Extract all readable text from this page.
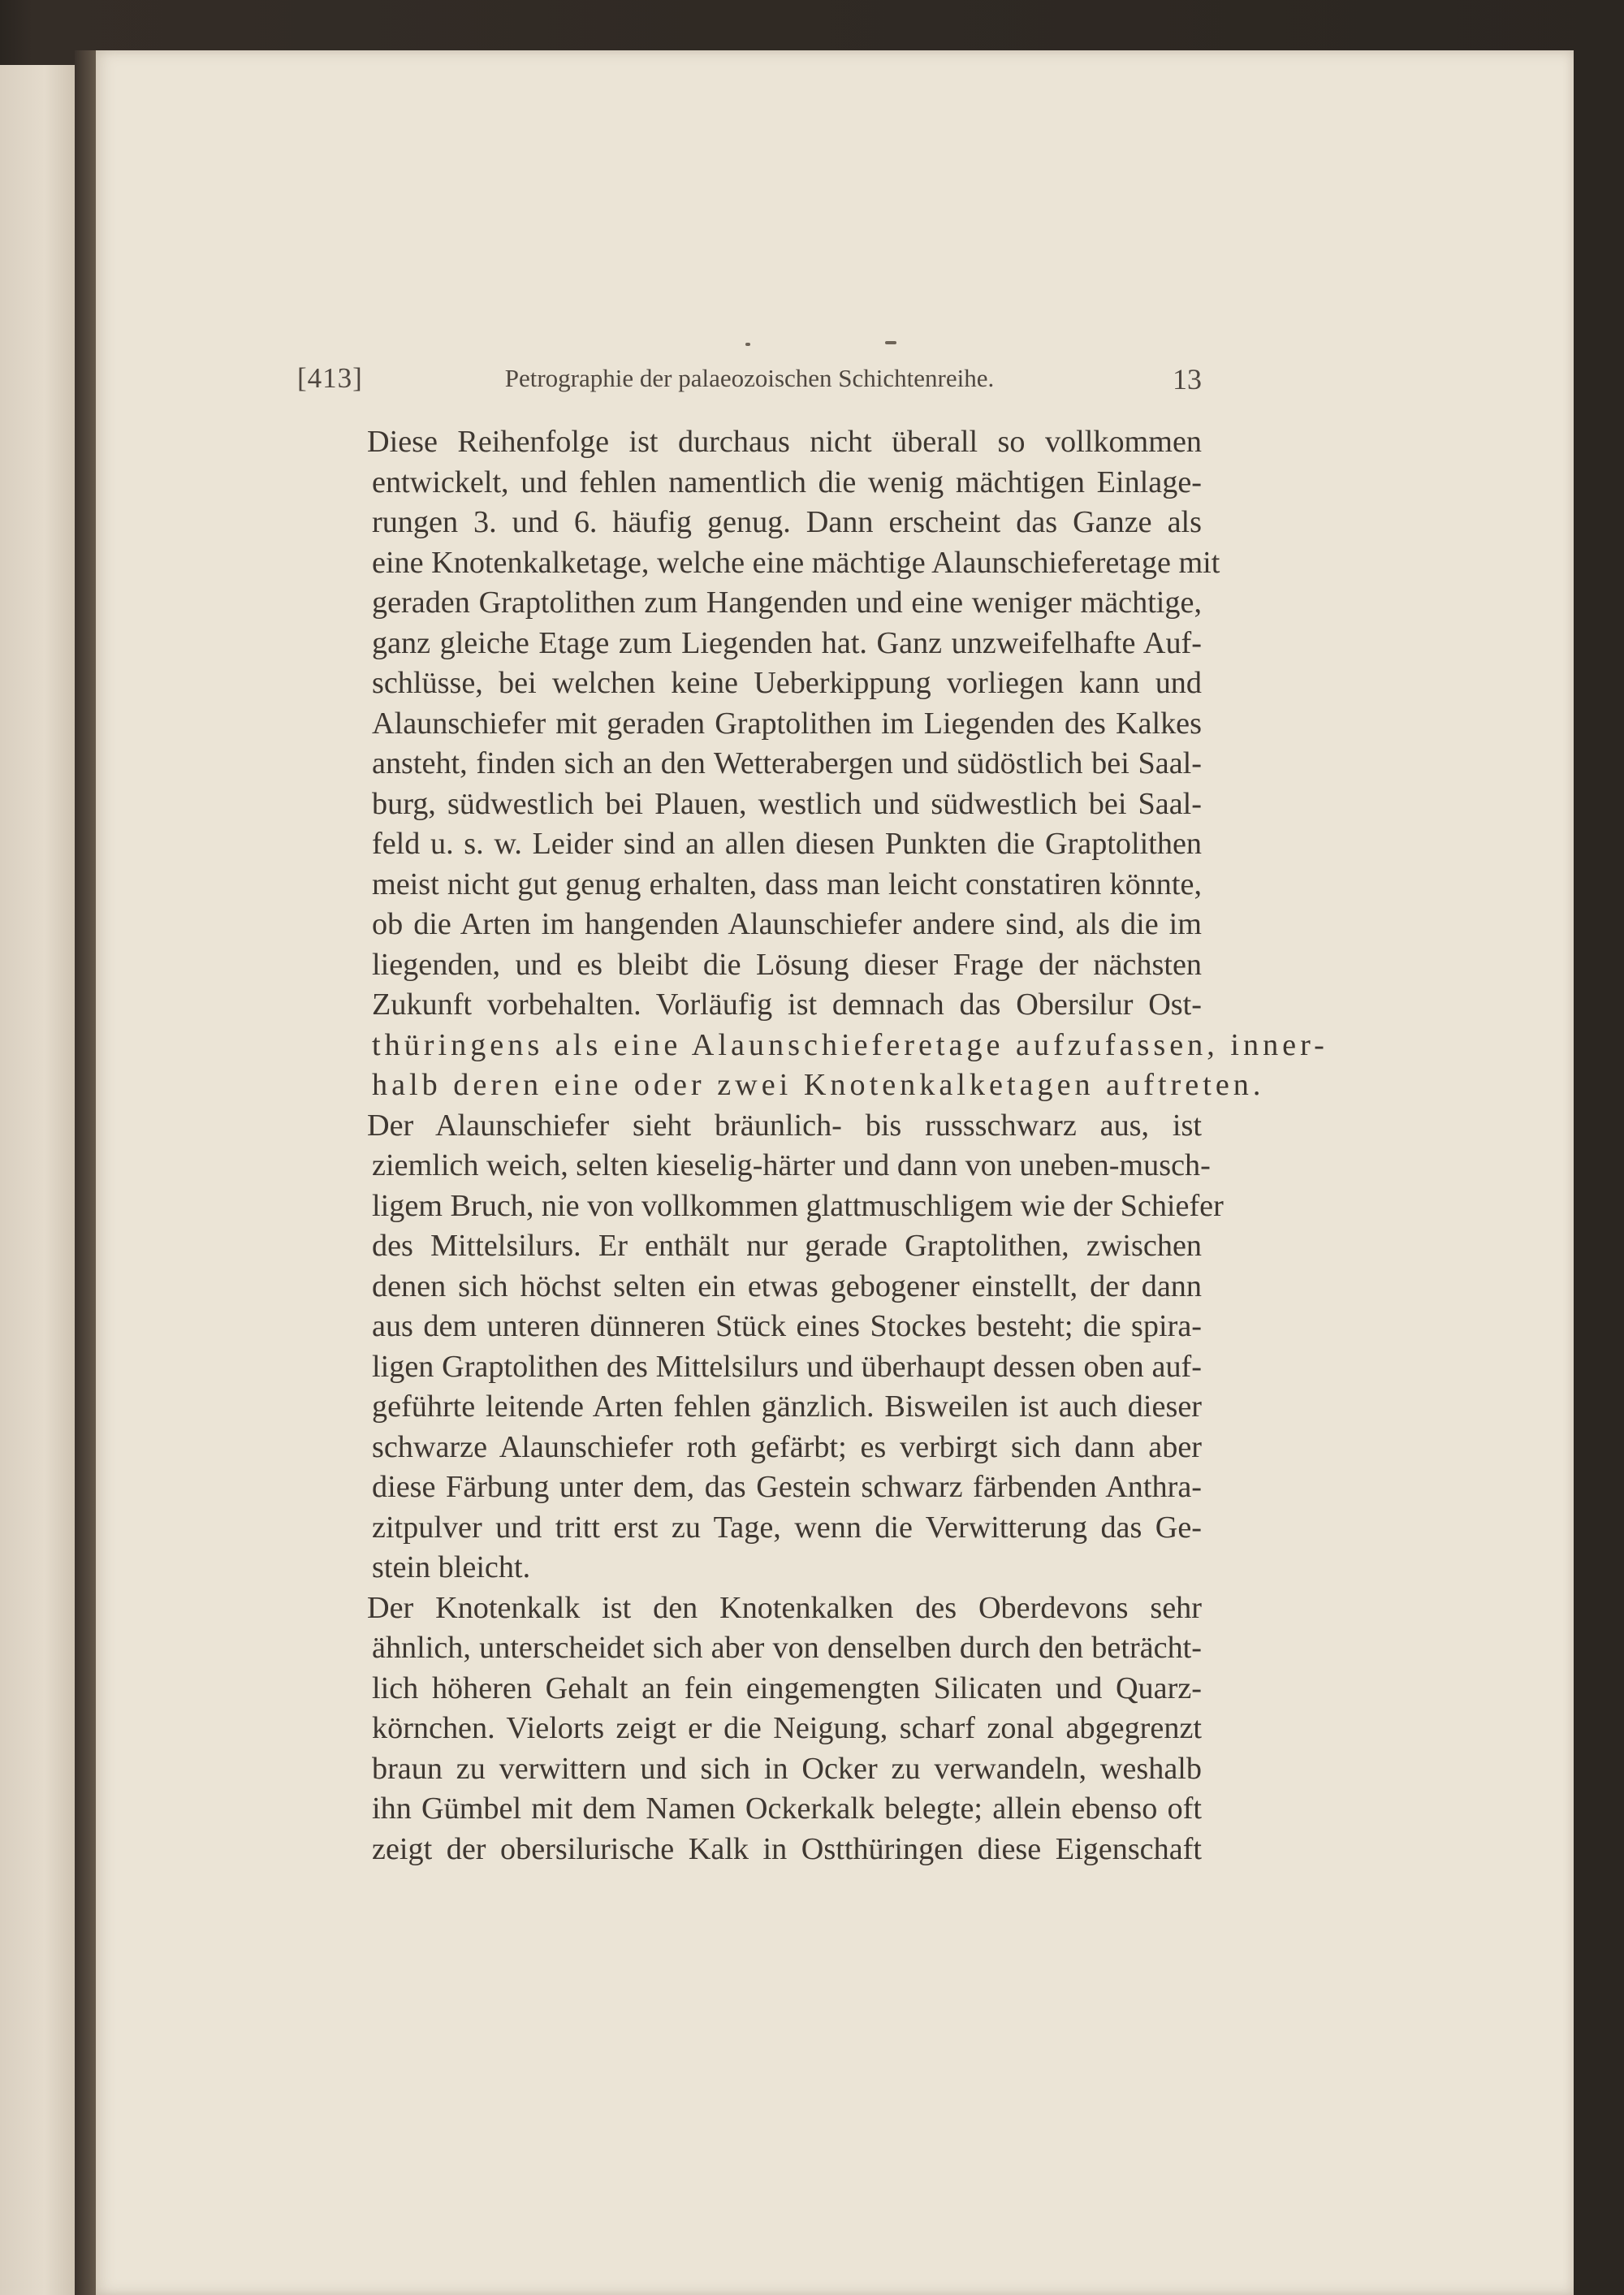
[413]	Petrographie der palaeozoischen Schichtenreihe.	13

Diese Reihenfolge ist durchaus nicht überall so vollkommen
entwickelt, und fehlen namentlich die wenig mächtigen Einlage-
rungen 3. und 6. häufig genug. Dann erscheint das Ganze als
eine Knotenkalketage, welche eine mächtige Alaunschieferetage mit
geraden Graptolithen zum Hangenden und eine weniger mächtige,
ganz gleiche Etage zum Liegenden hat. Ganz unzweifelhafte Auf-
schlüsse, bei welchen keine Ueberkippung vorliegen kann und
Alaunschiefer mit geraden Graptolithen im Liegenden des Kalkes
ansteht, finden sich an den Wetterabergen und südöstlich bei Saal-
burg, südwestlich bei Plauen, westlich und südwestlich bei Saal-
feld u. s. w. Leider sind an allen diesen Punkten die Graptolithen
meist nicht gut genug erhalten, dass man leicht constatiren könnte,
ob die Arten im hangenden Alaunschiefer andere sind, als die im
liegenden, und es bleibt die Lösung dieser Frage der nächsten
Zukunft vorbehalten. Vorläufig ist demnach das Obersilur Ost-
thüringens als eine Alaunschieferetage aufzufassen, inner-
halb deren eine oder zwei Knotenkalketagen auftreten.

Der Alaunschiefer sieht bräunlich- bis russschwarz aus, ist
ziemlich weich, selten kieselig-härter und dann von uneben-musch-
ligem Bruch, nie von vollkommen glattmuschligem wie der Schiefer
des Mittelsilurs. Er enthält nur gerade Graptolithen, zwischen
denen sich höchst selten ein etwas gebogener einstellt, der dann
aus dem unteren dünneren Stück eines Stockes besteht; die spira-
ligen Graptolithen des Mittelsilurs und überhaupt dessen oben auf-
geführte leitende Arten fehlen gänzlich. Bisweilen ist auch dieser
schwarze Alaunschiefer roth gefärbt; es verbirgt sich dann aber
diese Färbung unter dem, das Gestein schwarz färbenden Anthra-
zitpulver und tritt erst zu Tage, wenn die Verwitterung das Ge-
stein bleicht.

Der Knotenkalk ist den Knotenkalken des Oberdevons sehr
ähnlich, unterscheidet sich aber von denselben durch den beträcht-
lich höheren Gehalt an fein eingemengten Silicaten und Quarz-
körnchen. Vielorts zeigt er die Neigung, scharf zonal abgegrenzt
braun zu verwittern und sich in Ocker zu verwandeln, weshalb
ihn Gümbel mit dem Namen Ockerkalk belegte; allein ebenso oft
zeigt der obersilurische Kalk in Ostthüringen diese Eigenschaft
